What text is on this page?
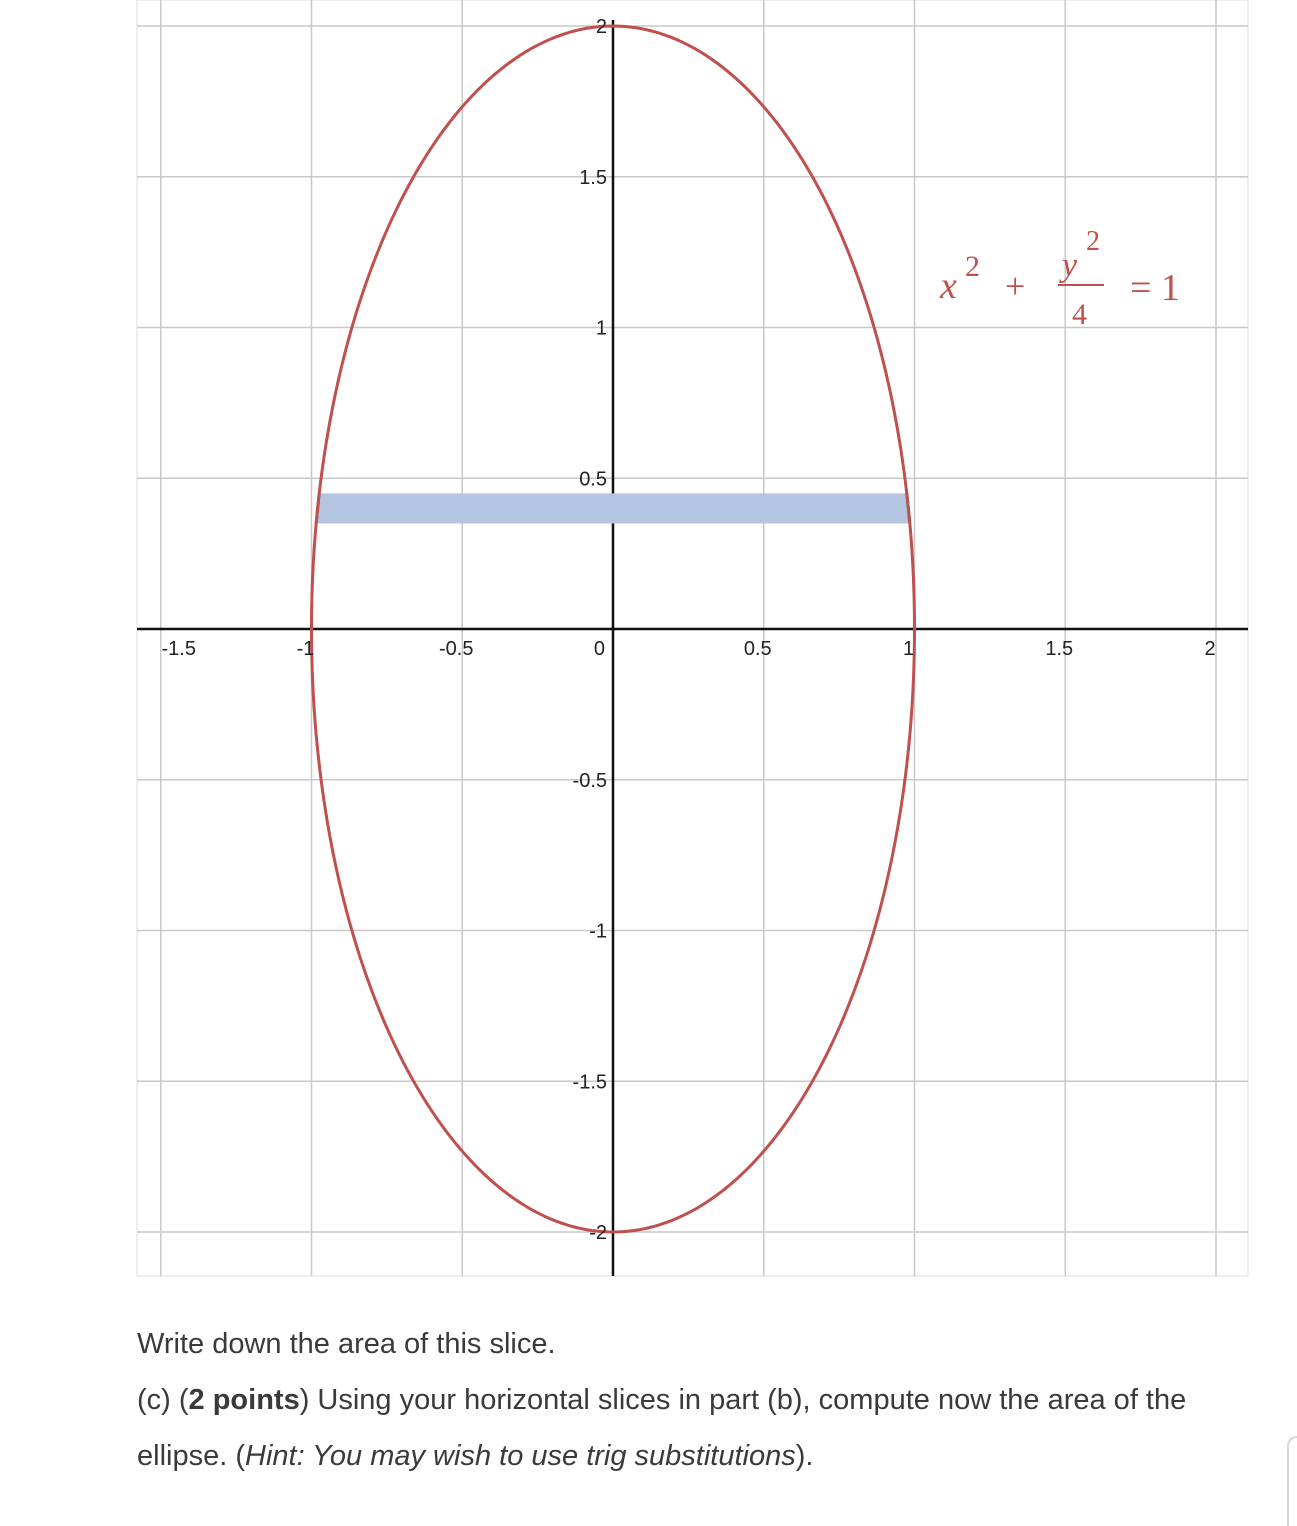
-1.5	-1	-0.5	0	0.5	1	1.5	2
-2
-1.5
-1
-0.5
0.5
1
1.5
2
x 2 +
y
2
4
= 1

Write down the area of this slice.

(c) (2 points) Using your horizontal slices in part (b), compute now the area of the ellipse. (Hint: You may wish to use trig substitutions).
